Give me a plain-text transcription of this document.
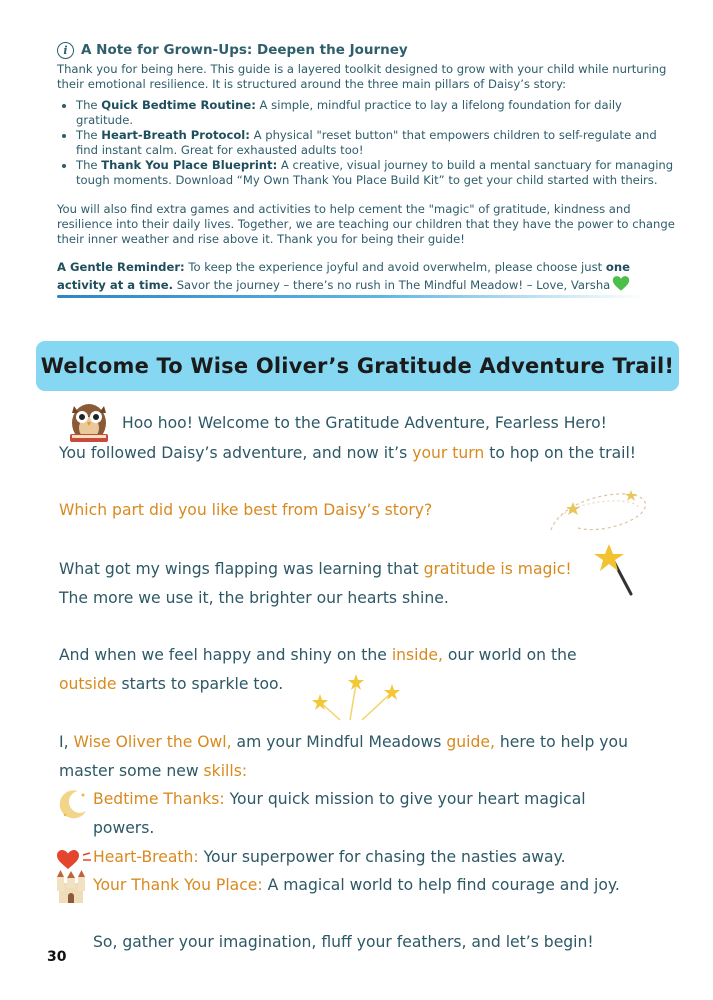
i A Note for Grown-Ups: Deepen the Journey

Thank you for being here. This guide is a layered toolkit designed to grow with your child while nurturing their emotional resilience. It is structured around the three main pillars of Daisy’s story:

• The Quick Bedtime Routine: A simple, mindful practice to lay a lifelong foundation for daily gratitude.
• The Heart-Breath Protocol: A physical "reset button" that empowers children to self-regulate and find instant calm. Great for exhausted adults too!
• The Thank You Place Blueprint: A creative, visual journey to build a mental sanctuary for managing tough moments. Download “My Own Thank You Place Build Kit” to get your child started with theirs.

You will also find extra games and activities to help cement the "magic" of gratitude, kindness and resilience into their daily lives. Together, we are teaching our children that they have the power to change their inner weather and rise above it. Thank you for being their guide!

A Gentle Reminder: To keep the experience joyful and avoid overwhelm, please choose just one activity at a time. Savor the journey – there’s no rush in The Mindful Meadow! – Love, Varsha

Welcome To Wise Oliver’s Gratitude Adventure Trail!
Hoo hoo! Welcome to the Gratitude Adventure, Fearless Hero!
You followed Daisy’s adventure, and now it’s your turn to hop on the trail!
Which part did you like best from Daisy’s story?
What got my wings flapping was learning that gratitude is magic!
The more we use it, the brighter our hearts shine.
And when we feel happy and shiny on the inside, our world on the
outside starts to sparkle too.
I, Wise Oliver the Owl, am your Mindful Meadows guide, here to help you
master some new skills:
Bedtime Thanks: Your quick mission to give your heart magical
powers.
Heart-Breath: Your superpower for chasing the nasties away.
Your Thank You Place: A magical world to help find courage and joy.
So, gather your imagination, fluff your feathers, and let’s begin!
30
